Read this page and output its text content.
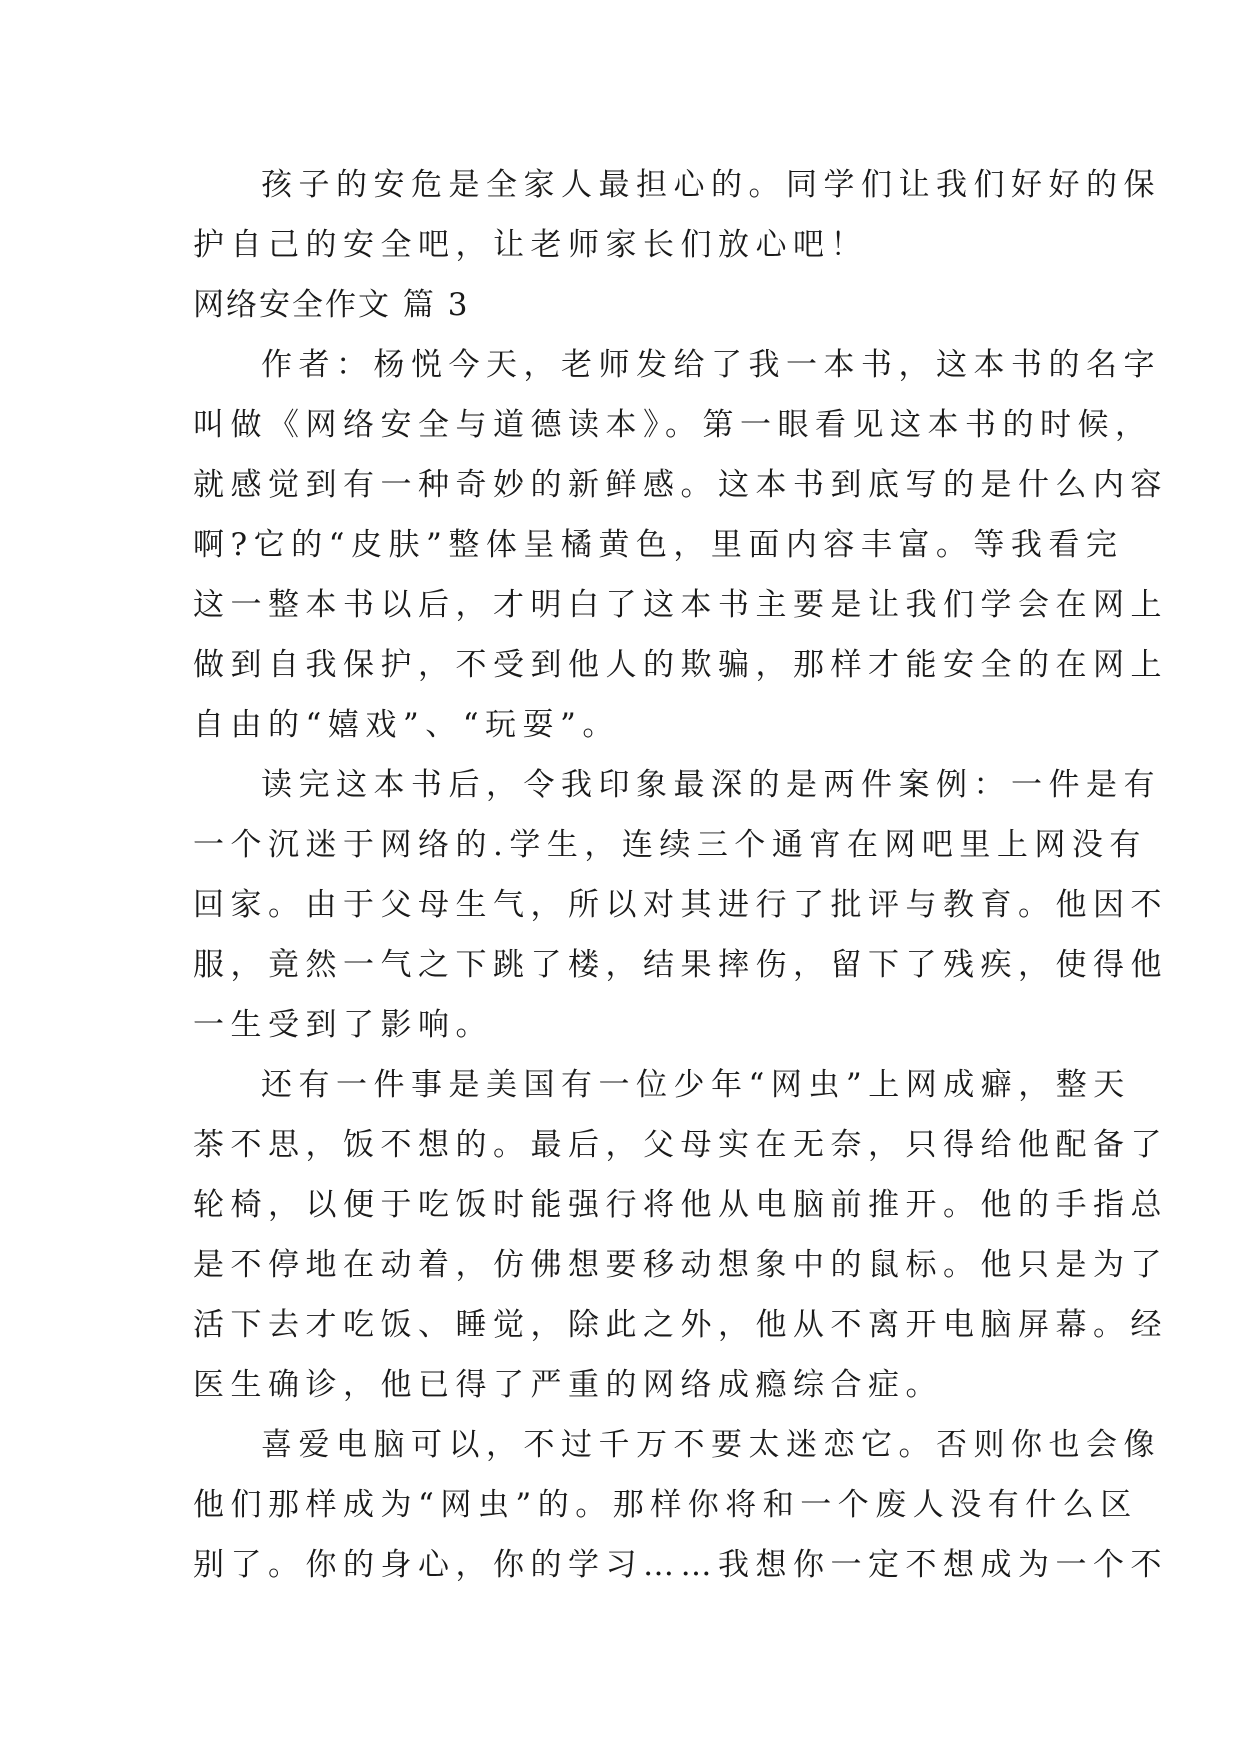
孩子的安危是全家人最担心的。同学们让我们好好的保
护自己的安全吧，让老师家长们放心吧！
网络安全作文 篇 3
作者：杨悦今天，老师发给了我一本书，这本书的名字
叫做《网络安全与道德读本》。第一眼看见这本书的时候，
就感觉到有一种奇妙的新鲜感。这本书到底写的是什么内容
啊?它的“皮肤”整体呈橘黄色，里面内容丰富。等我看完
这一整本书以后，才明白了这本书主要是让我们学会在网上
做到自我保护，不受到他人的欺骗，那样才能安全的在网上
自由的“嬉戏”、“玩耍”。
读完这本书后，令我印象最深的是两件案例：一件是有
一个沉迷于网络的.学生，连续三个通宵在网吧里上网没有
回家。由于父母生气，所以对其进行了批评与教育。他因不
服，竟然一气之下跳了楼，结果摔伤，留下了残疾，使得他
一生受到了影响。
还有一件事是美国有一位少年“网虫”上网成癖，整天
茶不思，饭不想的。最后，父母实在无奈，只得给他配备了
轮椅，以便于吃饭时能强行将他从电脑前推开。他的手指总
是不停地在动着，仿佛想要移动想象中的鼠标。他只是为了
活下去才吃饭、睡觉，除此之外，他从不离开电脑屏幕。经
医生确诊，他已得了严重的网络成瘾综合症。
喜爱电脑可以，不过千万不要太迷恋它。否则你也会像
他们那样成为“网虫”的。那样你将和一个废人没有什么区
别了。你的身心，你的学习……我想你一定不想成为一个不
